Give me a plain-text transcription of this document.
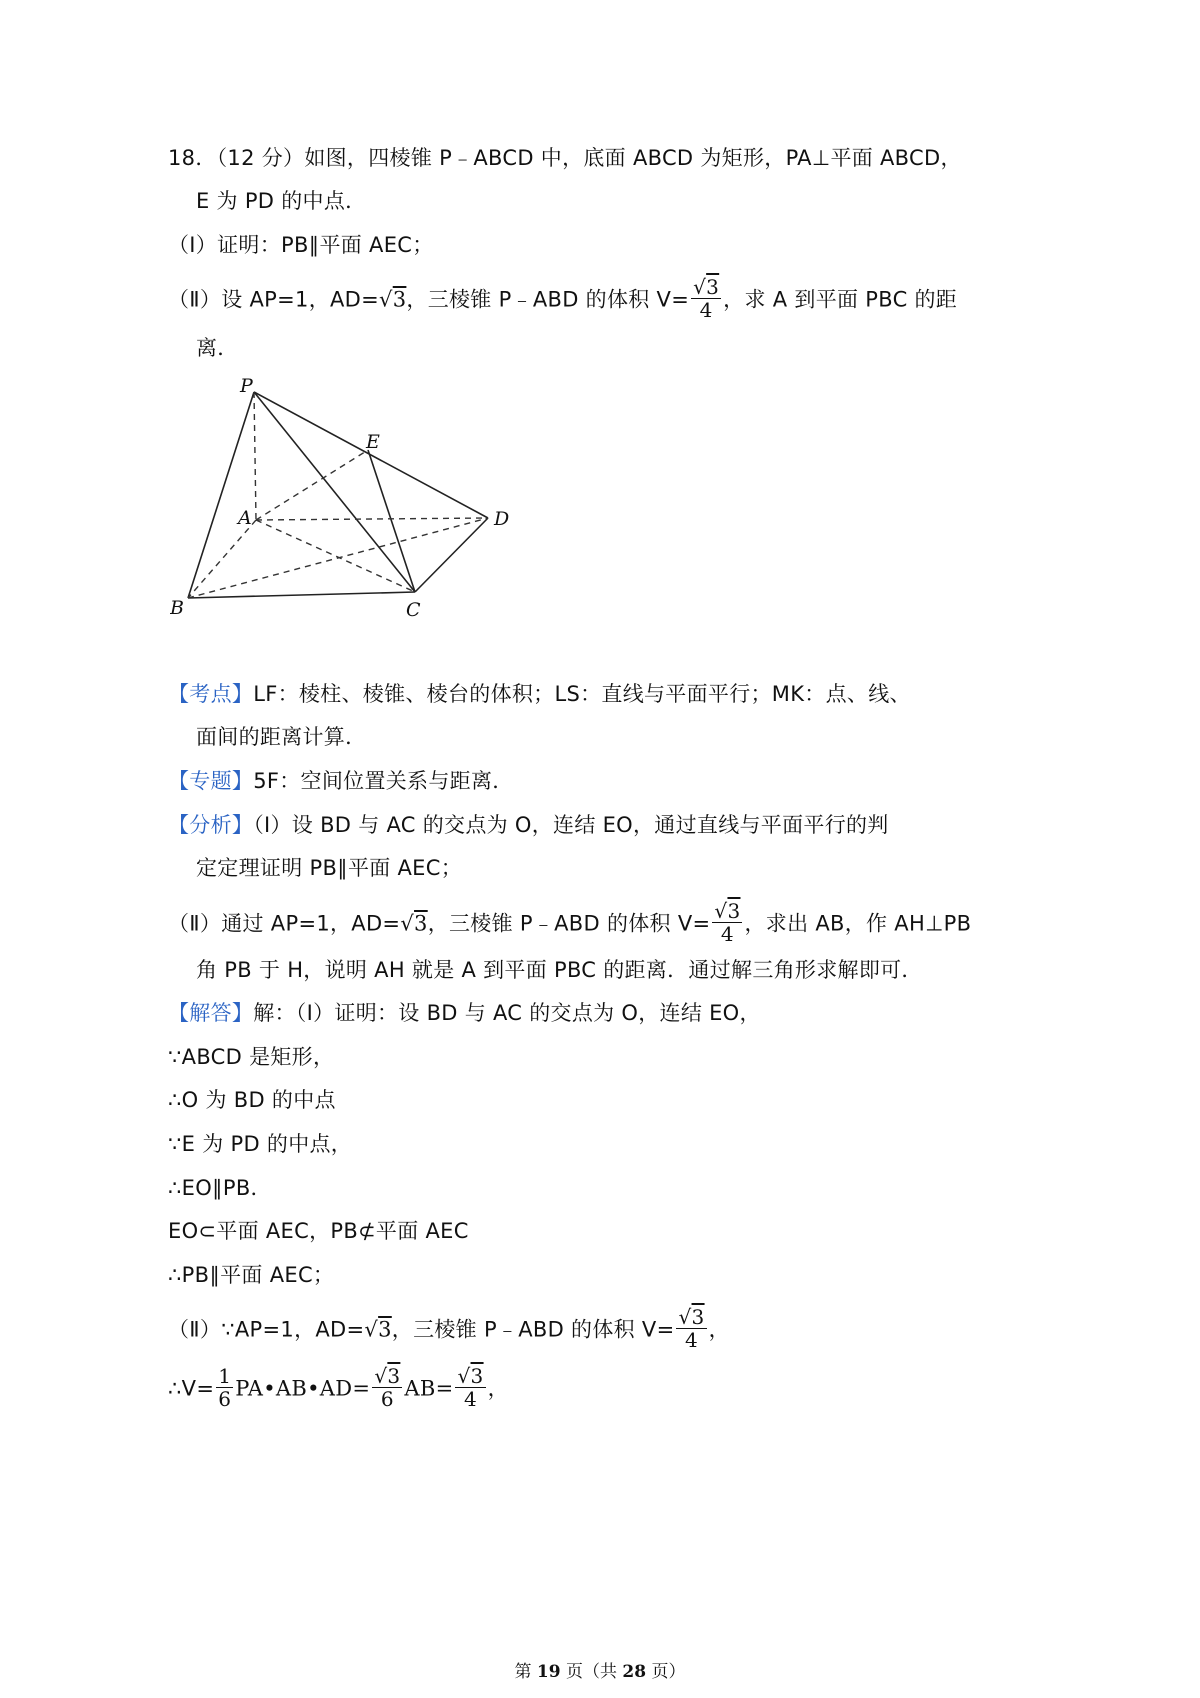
18．（12 分）如图，四棱锥 P﹣ABCD 中，底面 ABCD 为矩形，PA⊥平面 ABCD，
E 为 PD 的中点．
（Ⅰ）证明：PB∥平面 AEC；
（Ⅱ）设 AP=1，AD=√3，三棱锥 P﹣ABD 的体积 $V= \frac{√3}{4}$ ，求 A 到平面 PBC 的距
离．
P
E
A	D
B	C
【考点】LF：棱柱、棱锥、棱台的体积；LS：直线与平面平行；MK：点、线、
面间的距离计算．
【专题】5F：空间位置关系与距离．
【分析】（Ⅰ）设 BD 与 AC 的交点为 O，连结 EO，通过直线与平面平行的判
定定理证明 PB∥平面 AEC；
（Ⅱ）通过 AP=1，AD=√3，三棱锥 P﹣ABD 的体积 $V= \frac{√3}{4}$ ，求出 AB，作 AH⊥PB
角 PB 于 H，说明 AH 就是 A 到平面 PBC 的距离．通过解三角形求解即可．
【解答】解：（Ⅰ）证明：设 BD 与 AC 的交点为 O，连结 EO，
∵ABCD 是矩形，
∴O 为 BD 的中点
∵E 为 PD 的中点，
∴EO∥PB．
EO⊂平面 AEC，PB⊄平面 AEC
∴PB∥平面 AEC；
（Ⅱ）∵AP=1，AD=√3，三棱锥 P﹣ABD 的体积 $V= \frac{√3}{4}$ ，
∴V= $\frac{1}{6}$ PA•AB•AD= $\frac{√3}{6} AB= \frac{√3}{4}$ ，
第 19 页（共 28 页）
